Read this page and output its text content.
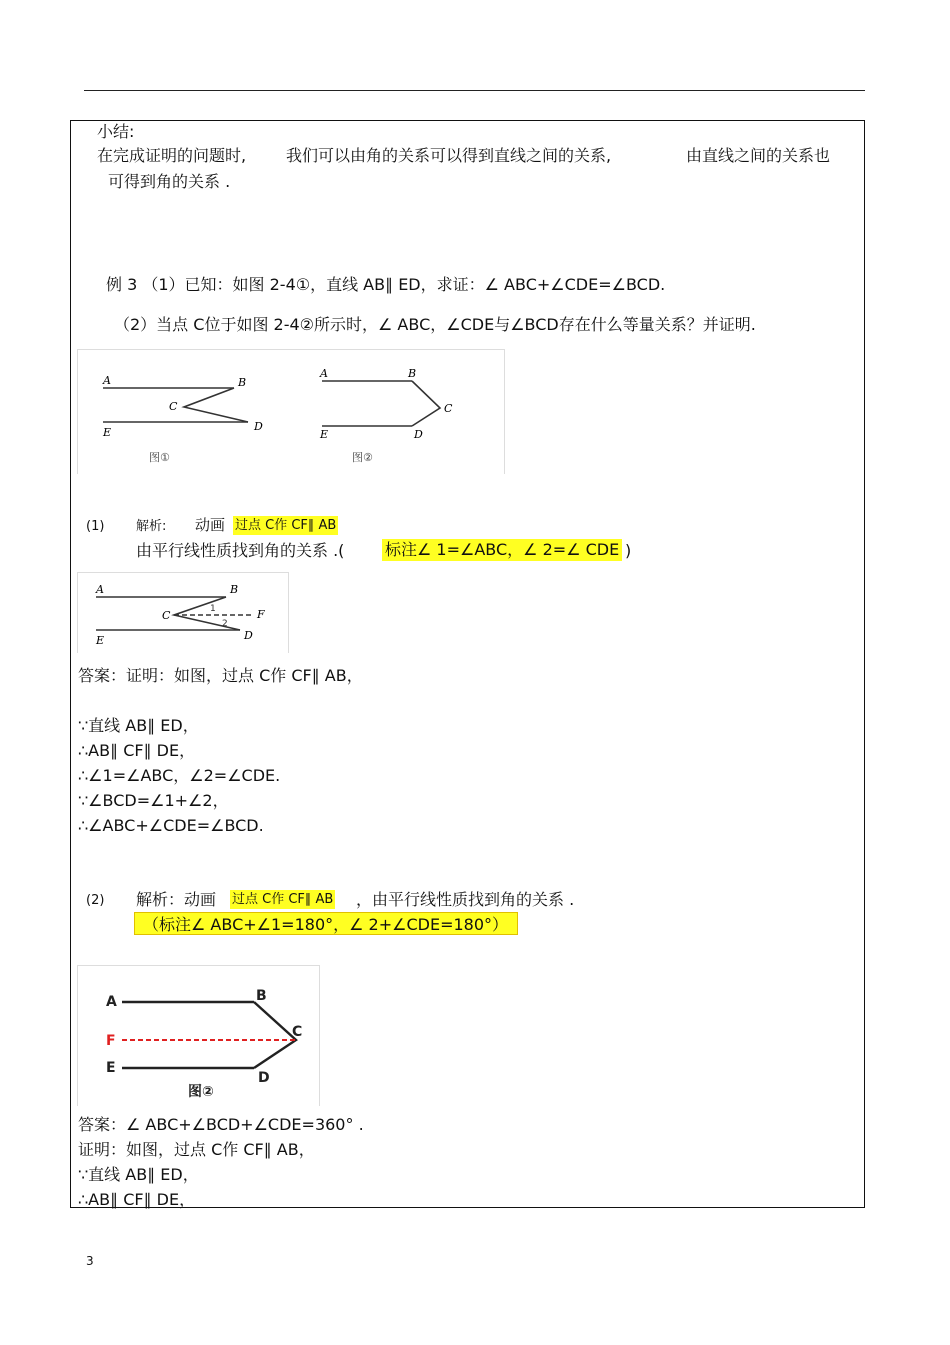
小结:
在完成证明的问题时, 我们可以由角的关系可以得到直线之间的关系,	由直线之间的关系也
可得到角的关系 .
例 3 （1）已知：如图 2-4①，直线 AB∥ ED，求证：∠ ABC+∠CDE=∠BCD.
（2）当点 C位于如图 2-4②所示时，∠ ABC，∠CDE与∠BCD存在什么等量关系？并证明.
A	B
C
D
E
图①
A	B
C
D
E
图②
(1) 解析: 动画 过点 C作 CF∥ AB
由平行线性质找到角的关系 .(	标注∠ 1=∠ABC，∠ 2=∠ CDE )
A	B
C
D
E
F
1
2
答案：证明：如图，过点 C作 CF∥ AB，
∵直线 AB∥ ED，
∴AB∥ CF∥ DE，
∴∠1=∠ABC，∠2=∠CDE.
∵∠BCD=∠1+∠2，
∴∠ABC+∠CDE=∠BCD.
(2) 解析：动画 过点 C作 CF∥ AB ，由平行线性质找到角的关系 .
（标注∠ ABC+∠1=180°，∠ 2+∠CDE=180°）
A	B
C
D
E
F
图②
答案：∠ ABC+∠BCD+∠CDE=360° .
证明：如图，过点 C作 CF∥ AB，
∵直线 AB∥ ED，
∴AB∥ CF∥ DE，
3
